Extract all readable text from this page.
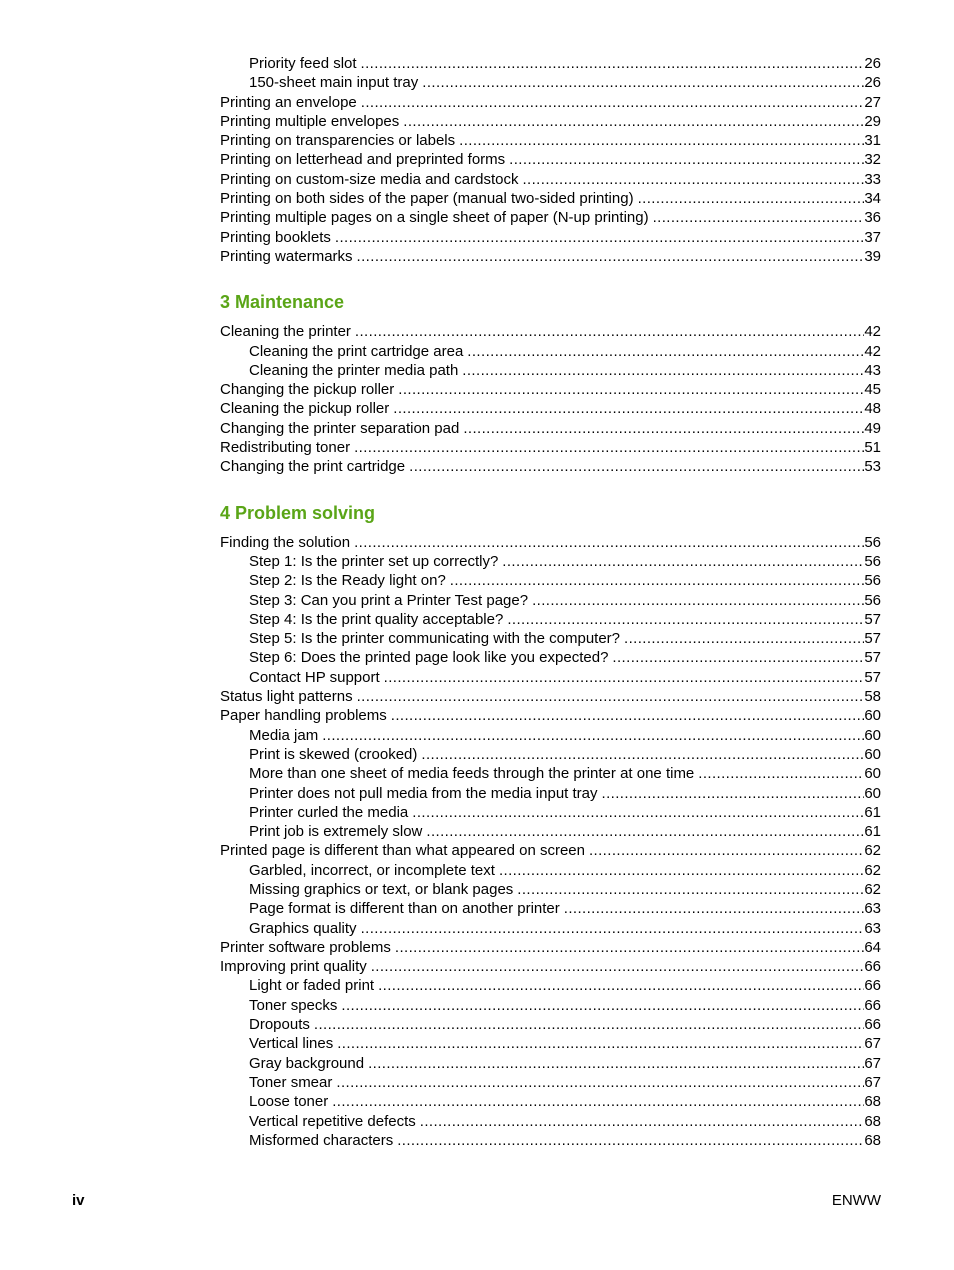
Priority feed slot .....	26
150-sheet main input tray .....	26
Printing an envelope .....	27
Printing multiple envelopes .....	29
Printing on transparencies or labels .....	31
Printing on letterhead and preprinted forms .....	32
Printing on custom-size media and cardstock .....	33
Printing on both sides of the paper (manual two-sided printing) .....	34
Printing multiple pages on a single sheet of paper (N-up printing) .....	36
Printing booklets .....	37
Printing watermarks .....	39
3 Maintenance
Cleaning the printer .....	42
Cleaning the print cartridge area .....	42
Cleaning the printer media path .....	43
Changing the pickup roller .....	45
Cleaning the pickup roller .....	48
Changing the printer separation pad .....	49
Redistributing toner .....	51
Changing the print cartridge .....	53
4 Problem solving
Finding the solution .....	56
Step 1: Is the printer set up correctly? .....	56
Step 2: Is the Ready light on? .....	56
Step 3: Can you print a Printer Test page? .....	56
Step 4: Is the print quality acceptable? .....	57
Step 5: Is the printer communicating with the computer? .....	57
Step 6: Does the printed page look like you expected? .....	57
Contact HP support .....	57
Status light patterns .....	58
Paper handling problems .....	60
Media jam .....	60
Print is skewed (crooked) .....	60
More than one sheet of media feeds through the printer at one time .....	60
Printer does not pull media from the media input tray .....	60
Printer curled the media .....	61
Print job is extremely slow .....	61
Printed page is different than what appeared on screen .....	62
Garbled, incorrect, or incomplete text .....	62
Missing graphics or text, or blank pages .....	62
Page format is different than on another printer .....	63
Graphics quality .....	63
Printer software problems .....	64
Improving print quality .....	66
Light or faded print .....	66
Toner specks .....	66
Dropouts .....	66
Vertical lines .....	67
Gray background .....	67
Toner smear .....	67
Loose toner .....	68
Vertical repetitive defects .....	68
Misformed characters .....	68
iv	ENWW
